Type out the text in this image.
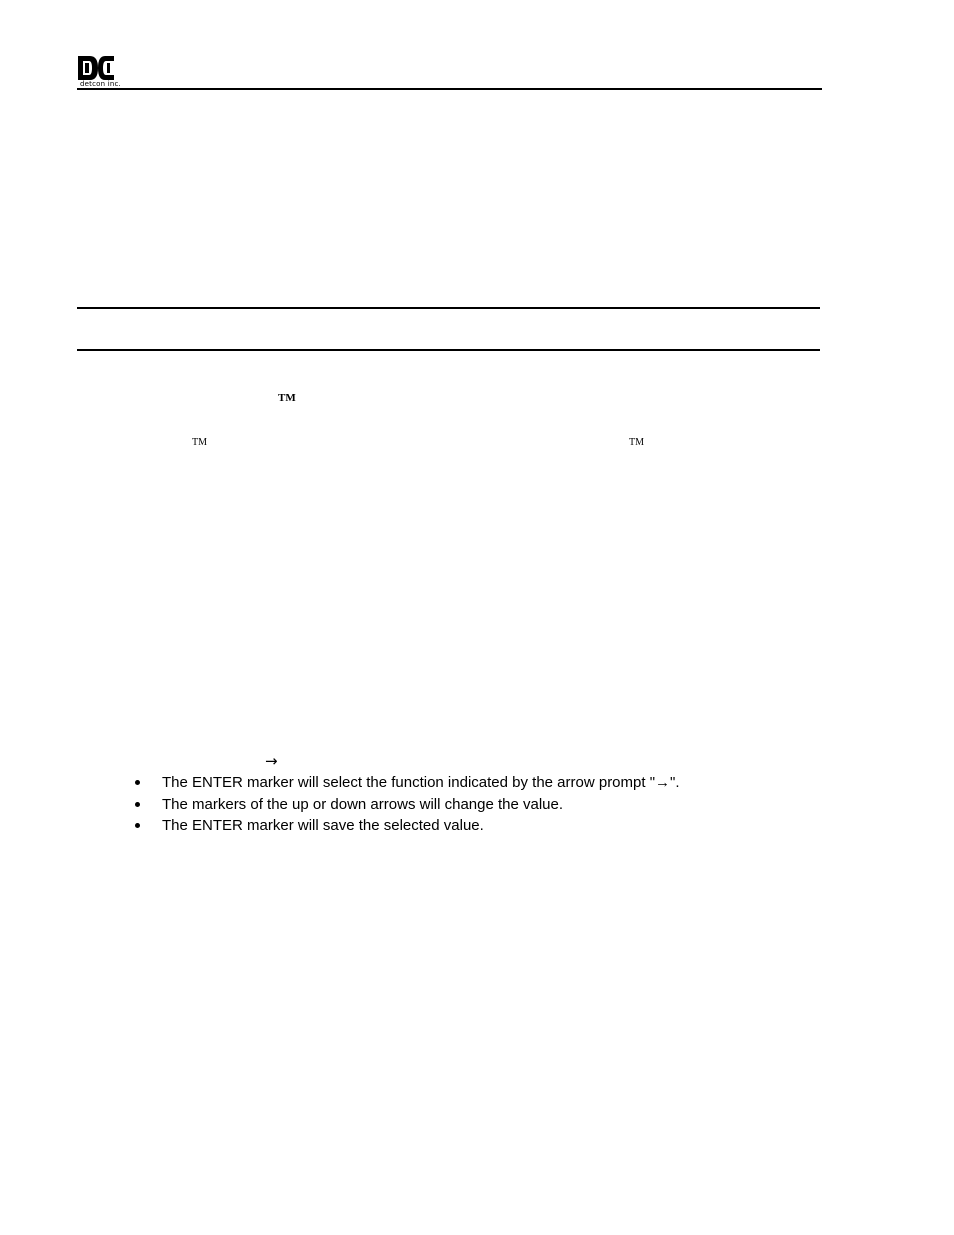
detcon inc.
TM
TM	TM
→
The ENTER marker will select the function indicated by the arrow prompt "→".
The markers of the up or down arrows will change the value.
The ENTER marker will save the selected value.
